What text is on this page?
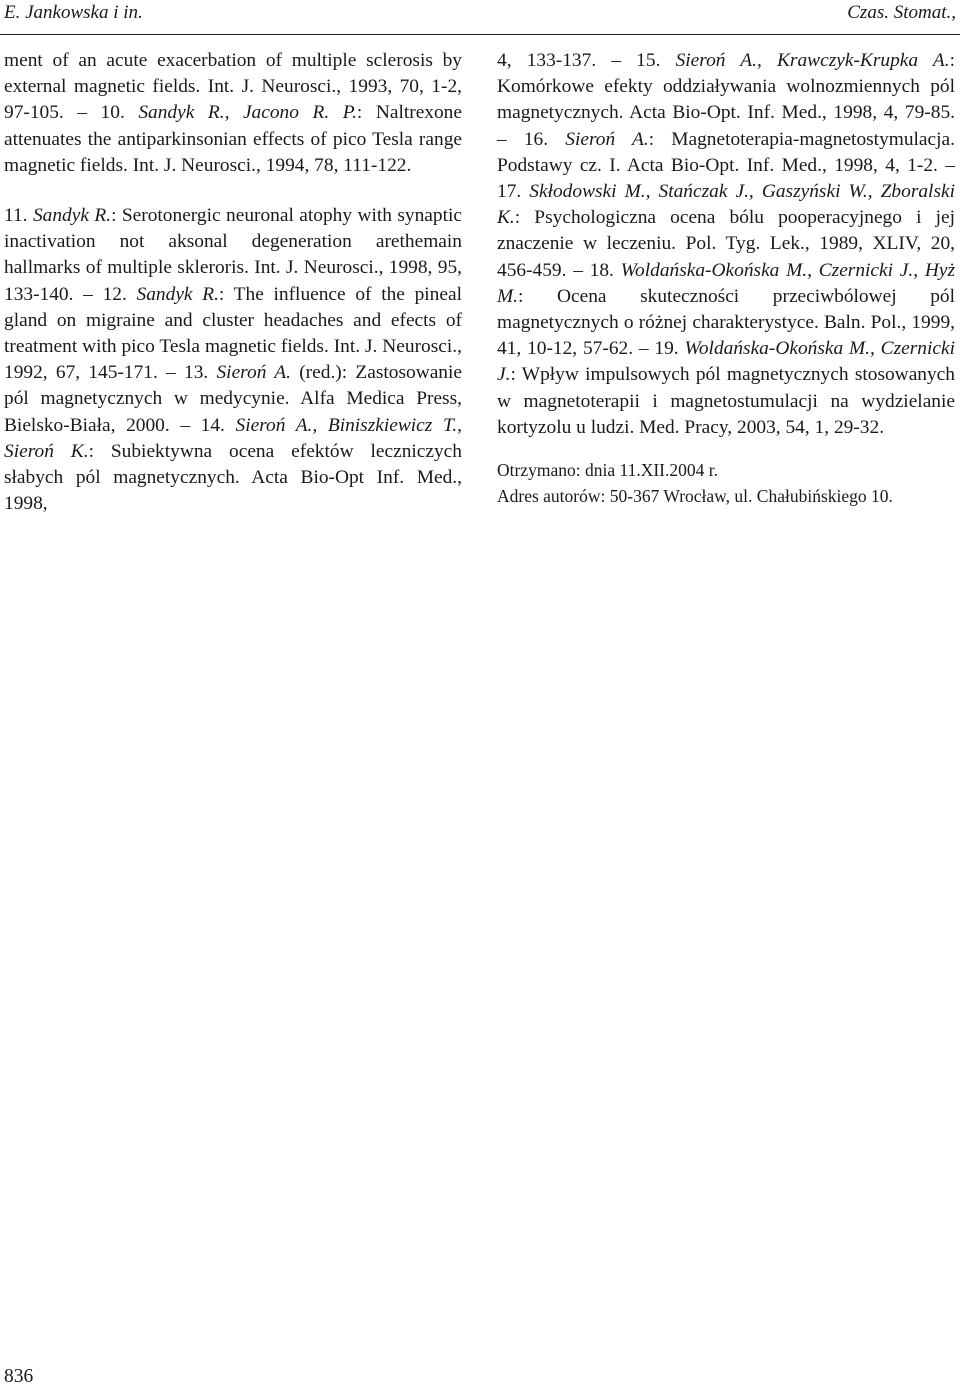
E. Jankowska i in.	Czas. Stomat.,

ment of an acute exacerbation of multiple sclerosis by external magnetic fields. Int. J. Neurosci., 1993, 70, 1-2, 97-105. – 10. Sandyk R., Jacono R. P.: Naltrexone attenuates the antiparkinsonian effects of pico Tesla range magnetic fields. Int. J. Neurosci., 1994, 78, 111-122.

11. Sandyk R.: Serotonergic neuronal atophy with synaptic inactivation not aksonal degeneration arethemain hallmarks of multiple skleroris. Int. J. Neurosci., 1998, 95, 133-140. – 12. Sandyk R.: The influence of the pineal gland on migraine and cluster headaches and efects of treatment with pico Tesla magnetic fields. Int. J. Neurosci., 1992, 67, 145-171. – 13. Sieroń A. (red.): Zastosowanie pól magnetycznych w medycynie. Alfa Medica Press, Bielsko-Biała, 2000. – 14. Sieroń A., Biniszkiewicz T., Sieroń K.: Subiektywna ocena efektów leczniczych słabych pól magnetycznych. Acta Bio-Opt Inf. Med., 1998,

4, 133-137. – 15. Sieroń A., Krawczyk-Krupka A.: Komórkowe efekty oddziaływania wolnozmiennych pól magnetycznych. Acta Bio-Opt. Inf. Med., 1998, 4, 79-85. – 16. Sieroń A.: Magnetoterapia-magnetostymulacja. Podstawy cz. I. Acta Bio-Opt. Inf. Med., 1998, 4, 1-2. – 17. Skłodowski M., Stańczak J., Gaszyński W., Zboralski K.: Psychologiczna ocena bólu pooperacyjnego i jej znaczenie w leczeniu. Pol. Tyg. Lek., 1989, XLIV, 20, 456-459. – 18. Woldańska-Okońska M., Czernicki J., Hyż M.: Ocena skuteczności przeciwbólowej pól magnetycznych o różnej charakterystyce. Baln. Pol., 1999, 41, 10-12, 57-62. – 19. Woldańska-Okońska M., Czernicki J.: Wpływ impulsowych pól magnetycznych stosowanych w magnetoterapii i magnetostumulacji na wydzielanie kortyzolu u ludzi. Med. Pracy, 2003, 54, 1, 29-32.

Otrzymano: dnia 11.XII.2004 r.

Adres autorów: 50-367 Wrocław, ul. Chałubińskiego 10.

836
